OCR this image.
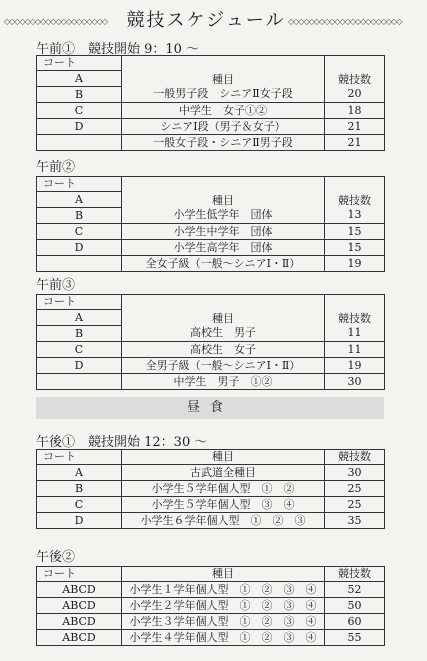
◇◇◇◇◇◇◇◇◇◇◇◇◇◇◇◇◇◇◇◇	競技スケジュール ◇◇◇◇◇◇◇◇◇◇◇◇◇◇◇◇◇◇◇◇◇◇
午前①　競技開始 9：10 ～
コート	種目	競技数
A		
B	一般男子段　シニアⅡ女子段	20
C	中学生　女子①②	18
D	シニアⅠ段（男子＆女子）	21
	一般女子段・シニアⅡ男子段	21
午前②
コート	種目	競技数
A		
B	小学生低学年　団体	13
C	小学生中学年　団体	15
D	小学生高学年　団体	15
	全女子級（一般～シニアⅠ・Ⅱ）	19
午前③
コート	種目	競技数
A		
B	高校生　男子	11
C	高校生　女子	11
D	全男子級（一般～シニアⅠ・Ⅱ）	19
	中学生　男子　①②	30
昼食
午後①　競技開始 12：30 ～
コート	種目	競技数
A	古武道全種目	30
B	小学生５学年個人型　①　②	25
C	小学生５学年個人型　③　④	25
D	小学生６学年個人型　①　②　③	35
午後②
コート	種目	競技数
ABCD	小学生１学年個人型　①　②　③　④	52
ABCD	小学生２学年個人型　①　②　③　④	50
ABCD	小学生３学年個人型　①　②　③　④	60
ABCD	小学生４学年個人型　①　②　③　④	55
